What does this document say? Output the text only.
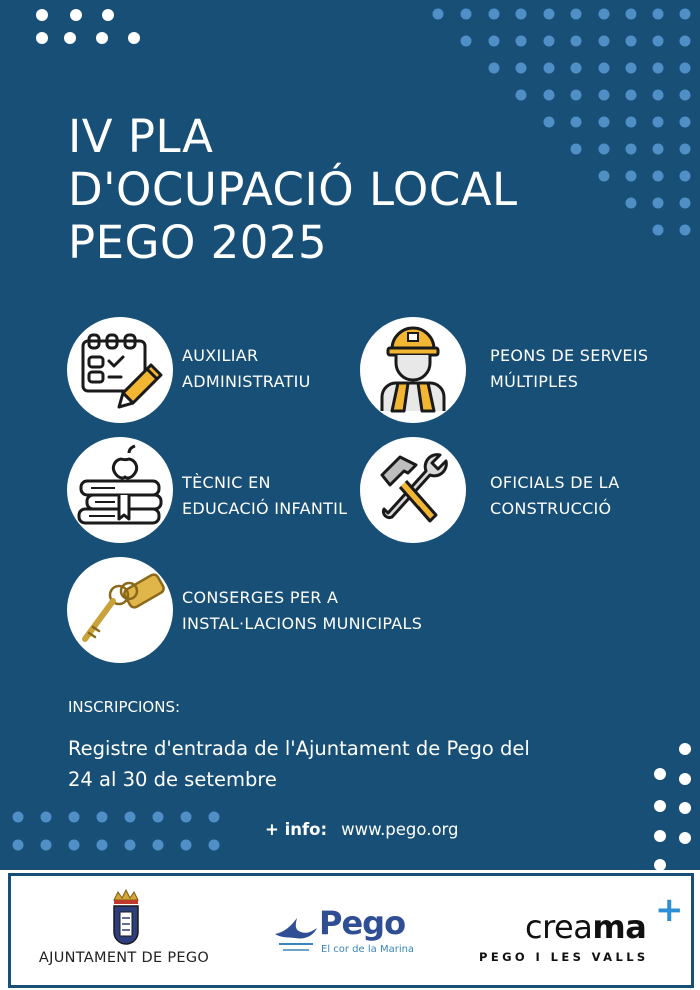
IV PLA
D'OCUPACIÓ LOCAL
PEGO 2025
AUXILIAR
ADMINISTRATIU
PEONS DE SERVEIS
MÚLTIPLES
TÈCNIC EN
EDUCACIÓ INFANTIL
OFICIALS DE LA
CONSTRUCCIÓ
CONSERGES PER A
INSTAL·LACIONS MUNICIPALS
INSCRIPCIONS:
Registre d'entrada de l'Ajuntament de Pego del
24 al 30 de setembre
+ info: www.pego.org
AJUNTAMENT DE PEGO
Pego
El cor de la Marina
creama +
PEGO I LES VALLS
